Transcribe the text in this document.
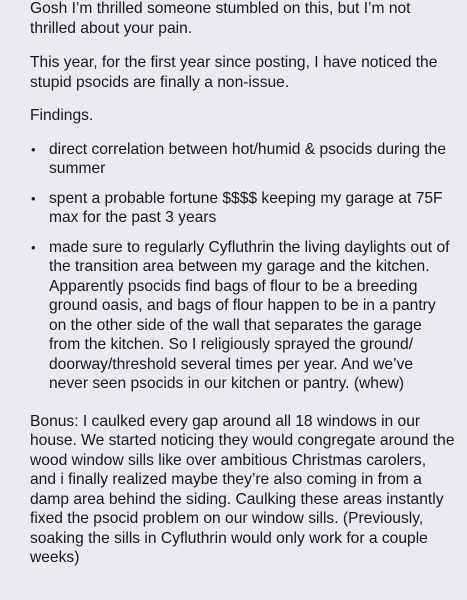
Gosh I’m thrilled someone stumbled on this, but I’m not thrilled about your pain.

This year, for the first year since posting, I have noticed the stupid psocids are finally a non-issue.

Findings.

• direct correlation between hot/humid & psocids during the summer
• spent a probable fortune $$$$ keeping my garage at 75F max for the past 3 years
• made sure to regularly Cyfluthrin the living daylights out of the transition area between my garage and the kitchen. Apparently psocids find bags of flour to be a breeding ground oasis, and bags of flour happen to be in a pantry on the other side of the wall that separates the garage from the kitchen. So I religiously sprayed the ground/ doorway/threshold several times per year. And we’ve never seen psocids in our kitchen or pantry. (whew)

Bonus: I caulked every gap around all 18 windows in our house. We started noticing they would congregate around the wood window sills like over ambitious Christmas carolers, and i finally realized maybe they’re also coming in from a damp area behind the siding. Caulking these areas instantly fixed the psocid problem on our window sills. (Previously, soaking the sills in Cyfluthrin would only work for a couple weeks)
